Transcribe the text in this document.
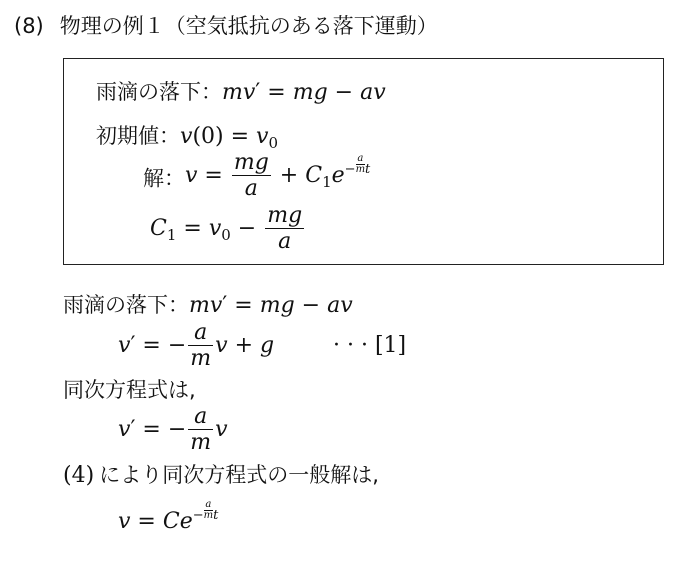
(8) 物理の例１（空気抵抗のある落下運動）
雨滴の落下：mv′ = mg − av
初期値：$v(0) = v_0$
解：$v = \frac{mg}{a} + C_1e^- \frac{a}{m} ^t$
$C_1 = v_0 - \frac{mg}{a}$
雨滴の落下：mv′ = mg − av
v′ = − $\frac{a}{m}$ v + g	· · · [1]
同次方程式は,
v′ = − $\frac{a}{m}$ v
(4) により同次方程式の一般解は,
$v = Ce^- \frac{a}{m} ^t$
